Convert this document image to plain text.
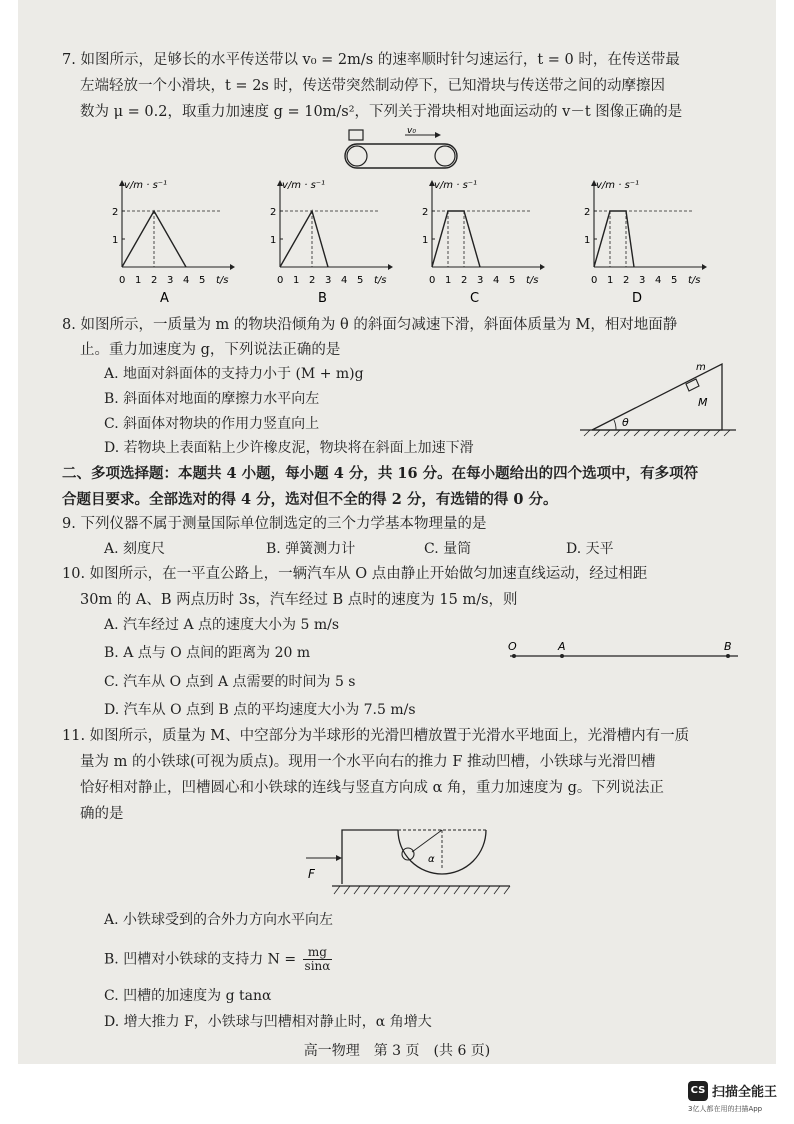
7. 如图所示，足够长的水平传送带以 v₀ = 2m/s 的速率顺时针匀速运行，t = 0 时，在传送带最
左端轻放一个小滑块，t = 2s 时，传送带突然制动停下，已知滑块与传送带之间的动摩擦因
数为 μ = 0.2，取重力加速度 g = 10m/s²，下列关于滑块相对地面运动的 v－t 图像正确的是
v₀
v/m · s⁻¹
t/s
0 1 2 3 4 5
1
2
A
v/m · s⁻¹
t/s
0 1 2 3 4 5
1
2
B
v/m · s⁻¹
t/s
0 1 2 3 4 5
1
2
C
v/m · s⁻¹
t/s
0 1 2 3 4 5
1
2
D
8. 如图所示，一质量为 m 的物块沿倾角为 θ 的斜面匀减速下滑，斜面体质量为 M，相对地面静
止。重力加速度为 g，下列说法正确的是
A. 地面对斜面体的支持力小于 (M + m)g
B. 斜面体对地面的摩擦力水平向左
C. 斜面体对物块的作用力竖直向上
D. 若物块上表面粘上少许橡皮泥，物块将在斜面上加速下滑
m
M
θ
二、多项选择题：本题共 4 小题，每小题 4 分，共 16 分。在每小题给出的四个选项中，有多项符
合题目要求。全部选对的得 4 分，选对但不全的得 2 分，有选错的得 0 分。
9. 下列仪器不属于测量国际单位制选定的三个力学基本物理量的是
A. 刻度尺	B. 弹簧测力计	C. 量筒	D. 天平
10. 如图所示，在一平直公路上，一辆汽车从 O 点由静止开始做匀加速直线运动，经过相距
30m 的 A、B 两点历时 3s，汽车经过 B 点时的速度为 15 m/s，则
A. 汽车经过 A 点的速度大小为 5 m/s
B. A 点与 O 点间的距离为 20 m
C. 汽车从 O 点到 A 点需要的时间为 5 s
D. 汽车从 O 点到 B 点的平均速度大小为 7.5 m/s
O	A	B
11. 如图所示，质量为 M、中空部分为半球形的光滑凹槽放置于光滑水平地面上，光滑槽内有一质
量为 m 的小铁球(可视为质点)。现用一个水平向右的推力 F 推动凹槽，小铁球与光滑凹槽
恰好相对静止，凹槽圆心和小铁球的连线与竖直方向成 α 角，重力加速度为 g。下列说法正
确的是
α
F
A. 小铁球受到的合外力方向水平向左
B. 凹槽对小铁球的支持力 $N = \frac{mg}{\sin\alpha}$
C. 凹槽的加速度为 g tanα
D. 增大推力 F，小铁球与凹槽相对静止时，α 角增大
高一物理　第 3 页　(共 6 页)
CS 扫描全能王
3亿人都在用的扫描App
